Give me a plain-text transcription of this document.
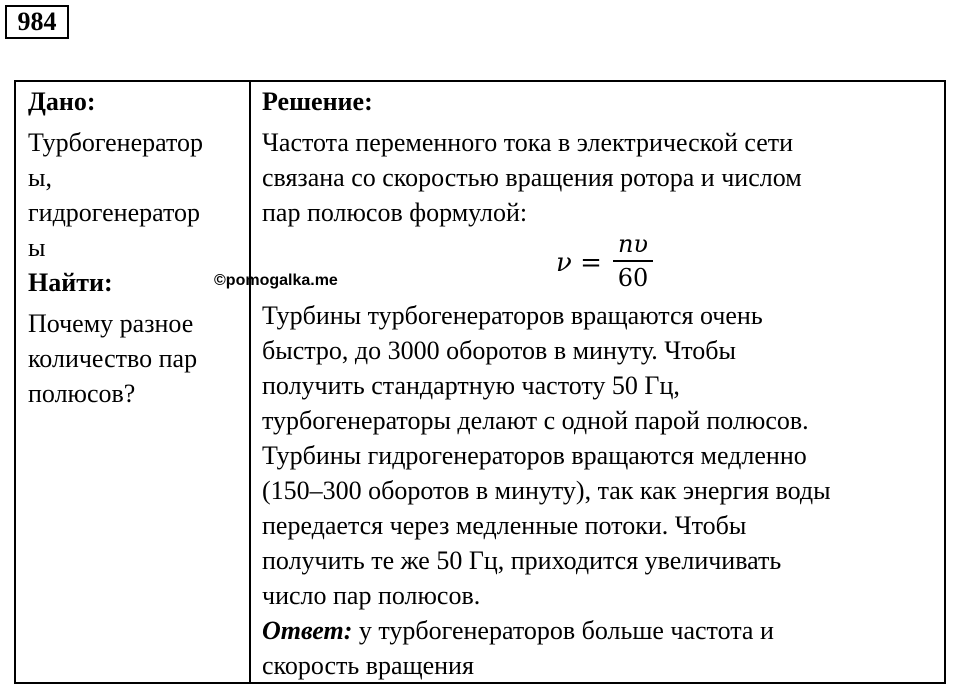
984
Дано:
Турбогенератор
ы,
гидрогенератор
ы
Найти:
Почему разное
количество пар
полюсов?
Решение:
Частота переменного тока в электрической сети
связана со скоростью вращения ротора и числом
пар полюсов формулой:
ν =
nυ
60
Турбины турбогенераторов вращаются очень
быстро, до 3000 оборотов в минуту. Чтобы
получить стандартную частоту 50 Гц,
турбогенераторы делают с одной парой полюсов.
Турбины гидрогенераторов вращаются медленно
(150–300 оборотов в минуту), так как энергия воды
передается через медленные потоки. Чтобы
получить те же 50 Гц, приходится увеличивать
число пар полюсов.
Ответ: у турбогенераторов больше частота и
скорость вращения
©pomogalka.me
